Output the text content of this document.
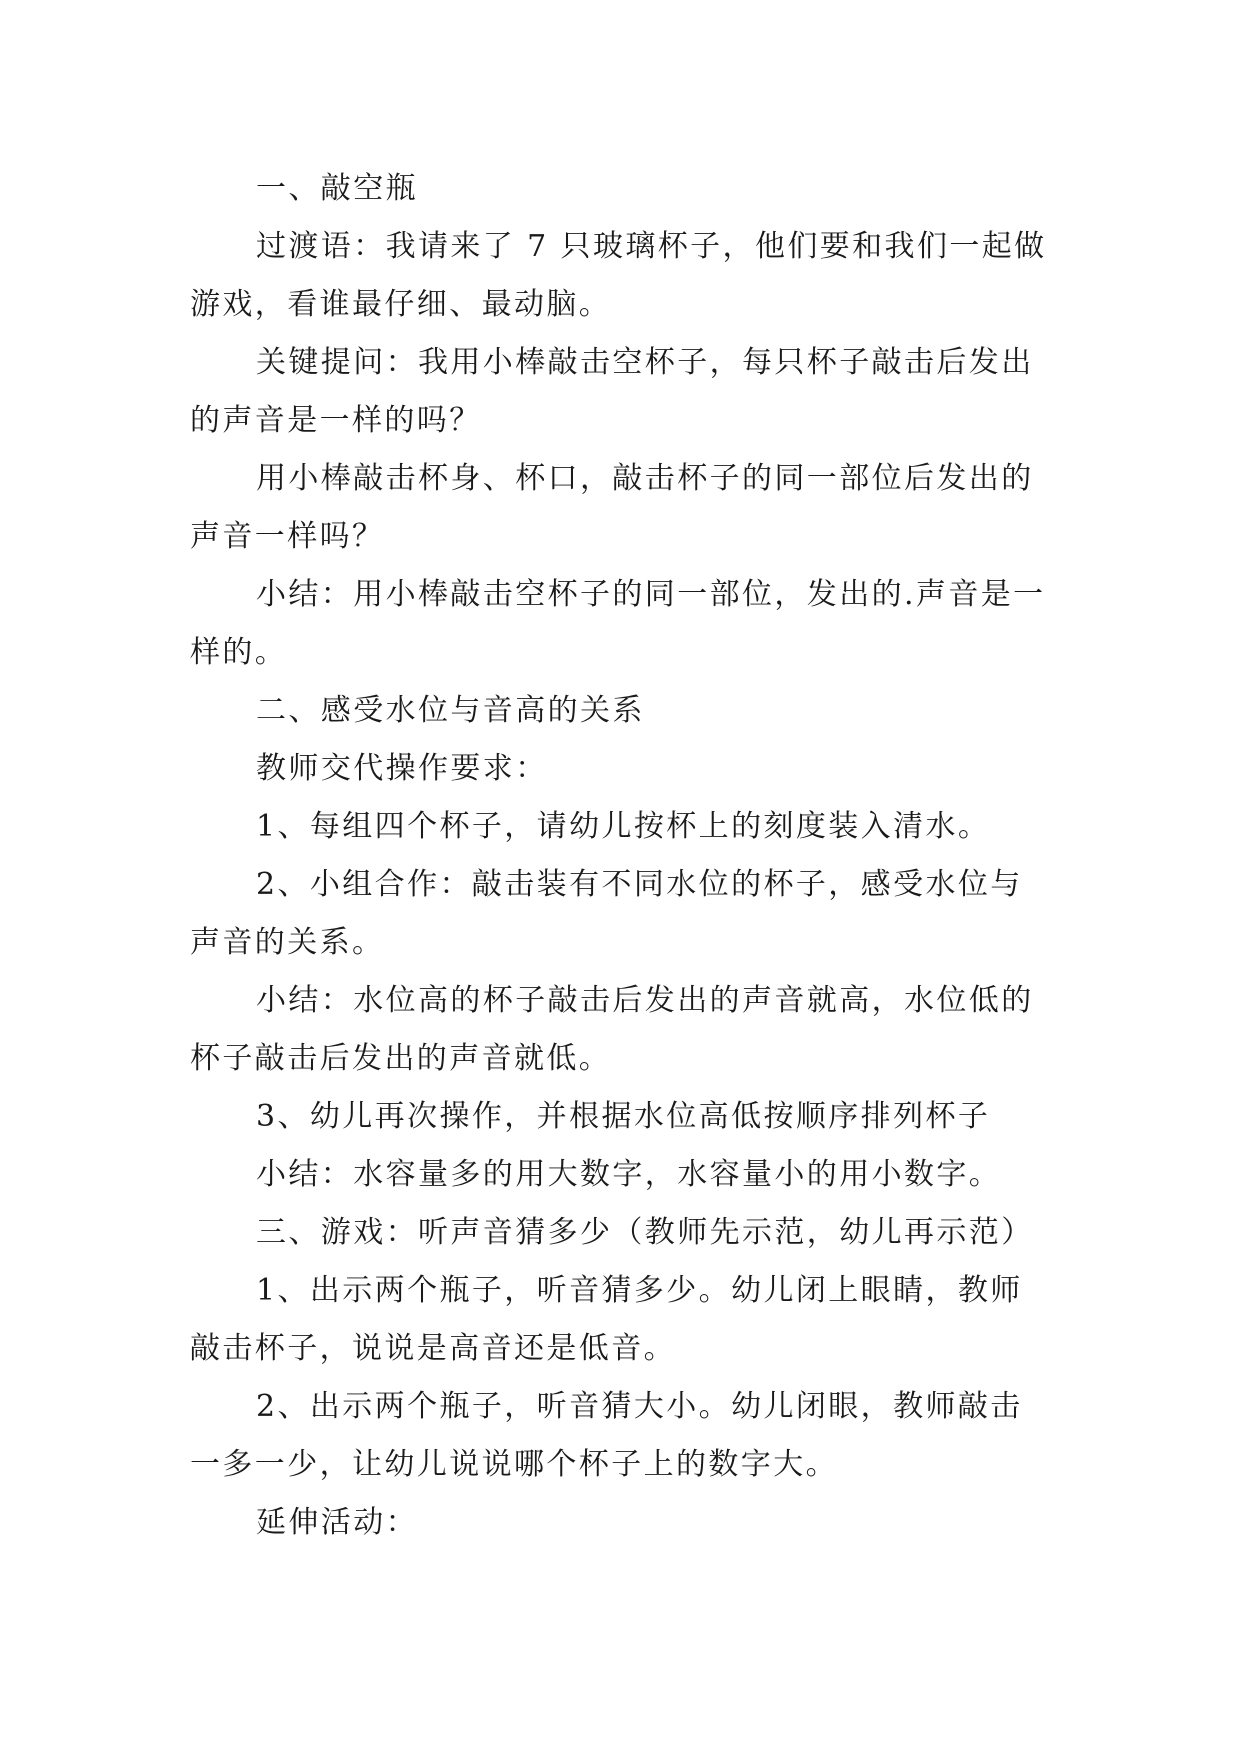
一、敲空瓶

过渡语：我请来了 7 只玻璃杯子，他们要和我们一起做游戏，看谁最仔细、最动脑。

关键提问：我用小棒敲击空杯子，每只杯子敲击后发出的声音是一样的吗？

用小棒敲击杯身、杯口，敲击杯子的同一部位后发出的声音一样吗？

小结：用小棒敲击空杯子的同一部位，发出的.声音是一样的。

二、感受水位与音高的关系

教师交代操作要求：

1、每组四个杯子，请幼儿按杯上的刻度装入清水。

2、小组合作：敲击装有不同水位的杯子，感受水位与声音的关系。

小结：水位高的杯子敲击后发出的声音就高，水位低的杯子敲击后发出的声音就低。

3、幼儿再次操作，并根据水位高低按顺序排列杯子

小结：水容量多的用大数字，水容量小的用小数字。

三、游戏：听声音猜多少（教师先示范，幼儿再示范）

1、出示两个瓶子，听音猜多少。幼儿闭上眼睛，教师敲击杯子，说说是高音还是低音。

2、出示两个瓶子，听音猜大小。幼儿闭眼，教师敲击一多一少，让幼儿说说哪个杯子上的数字大。

延伸活动：
